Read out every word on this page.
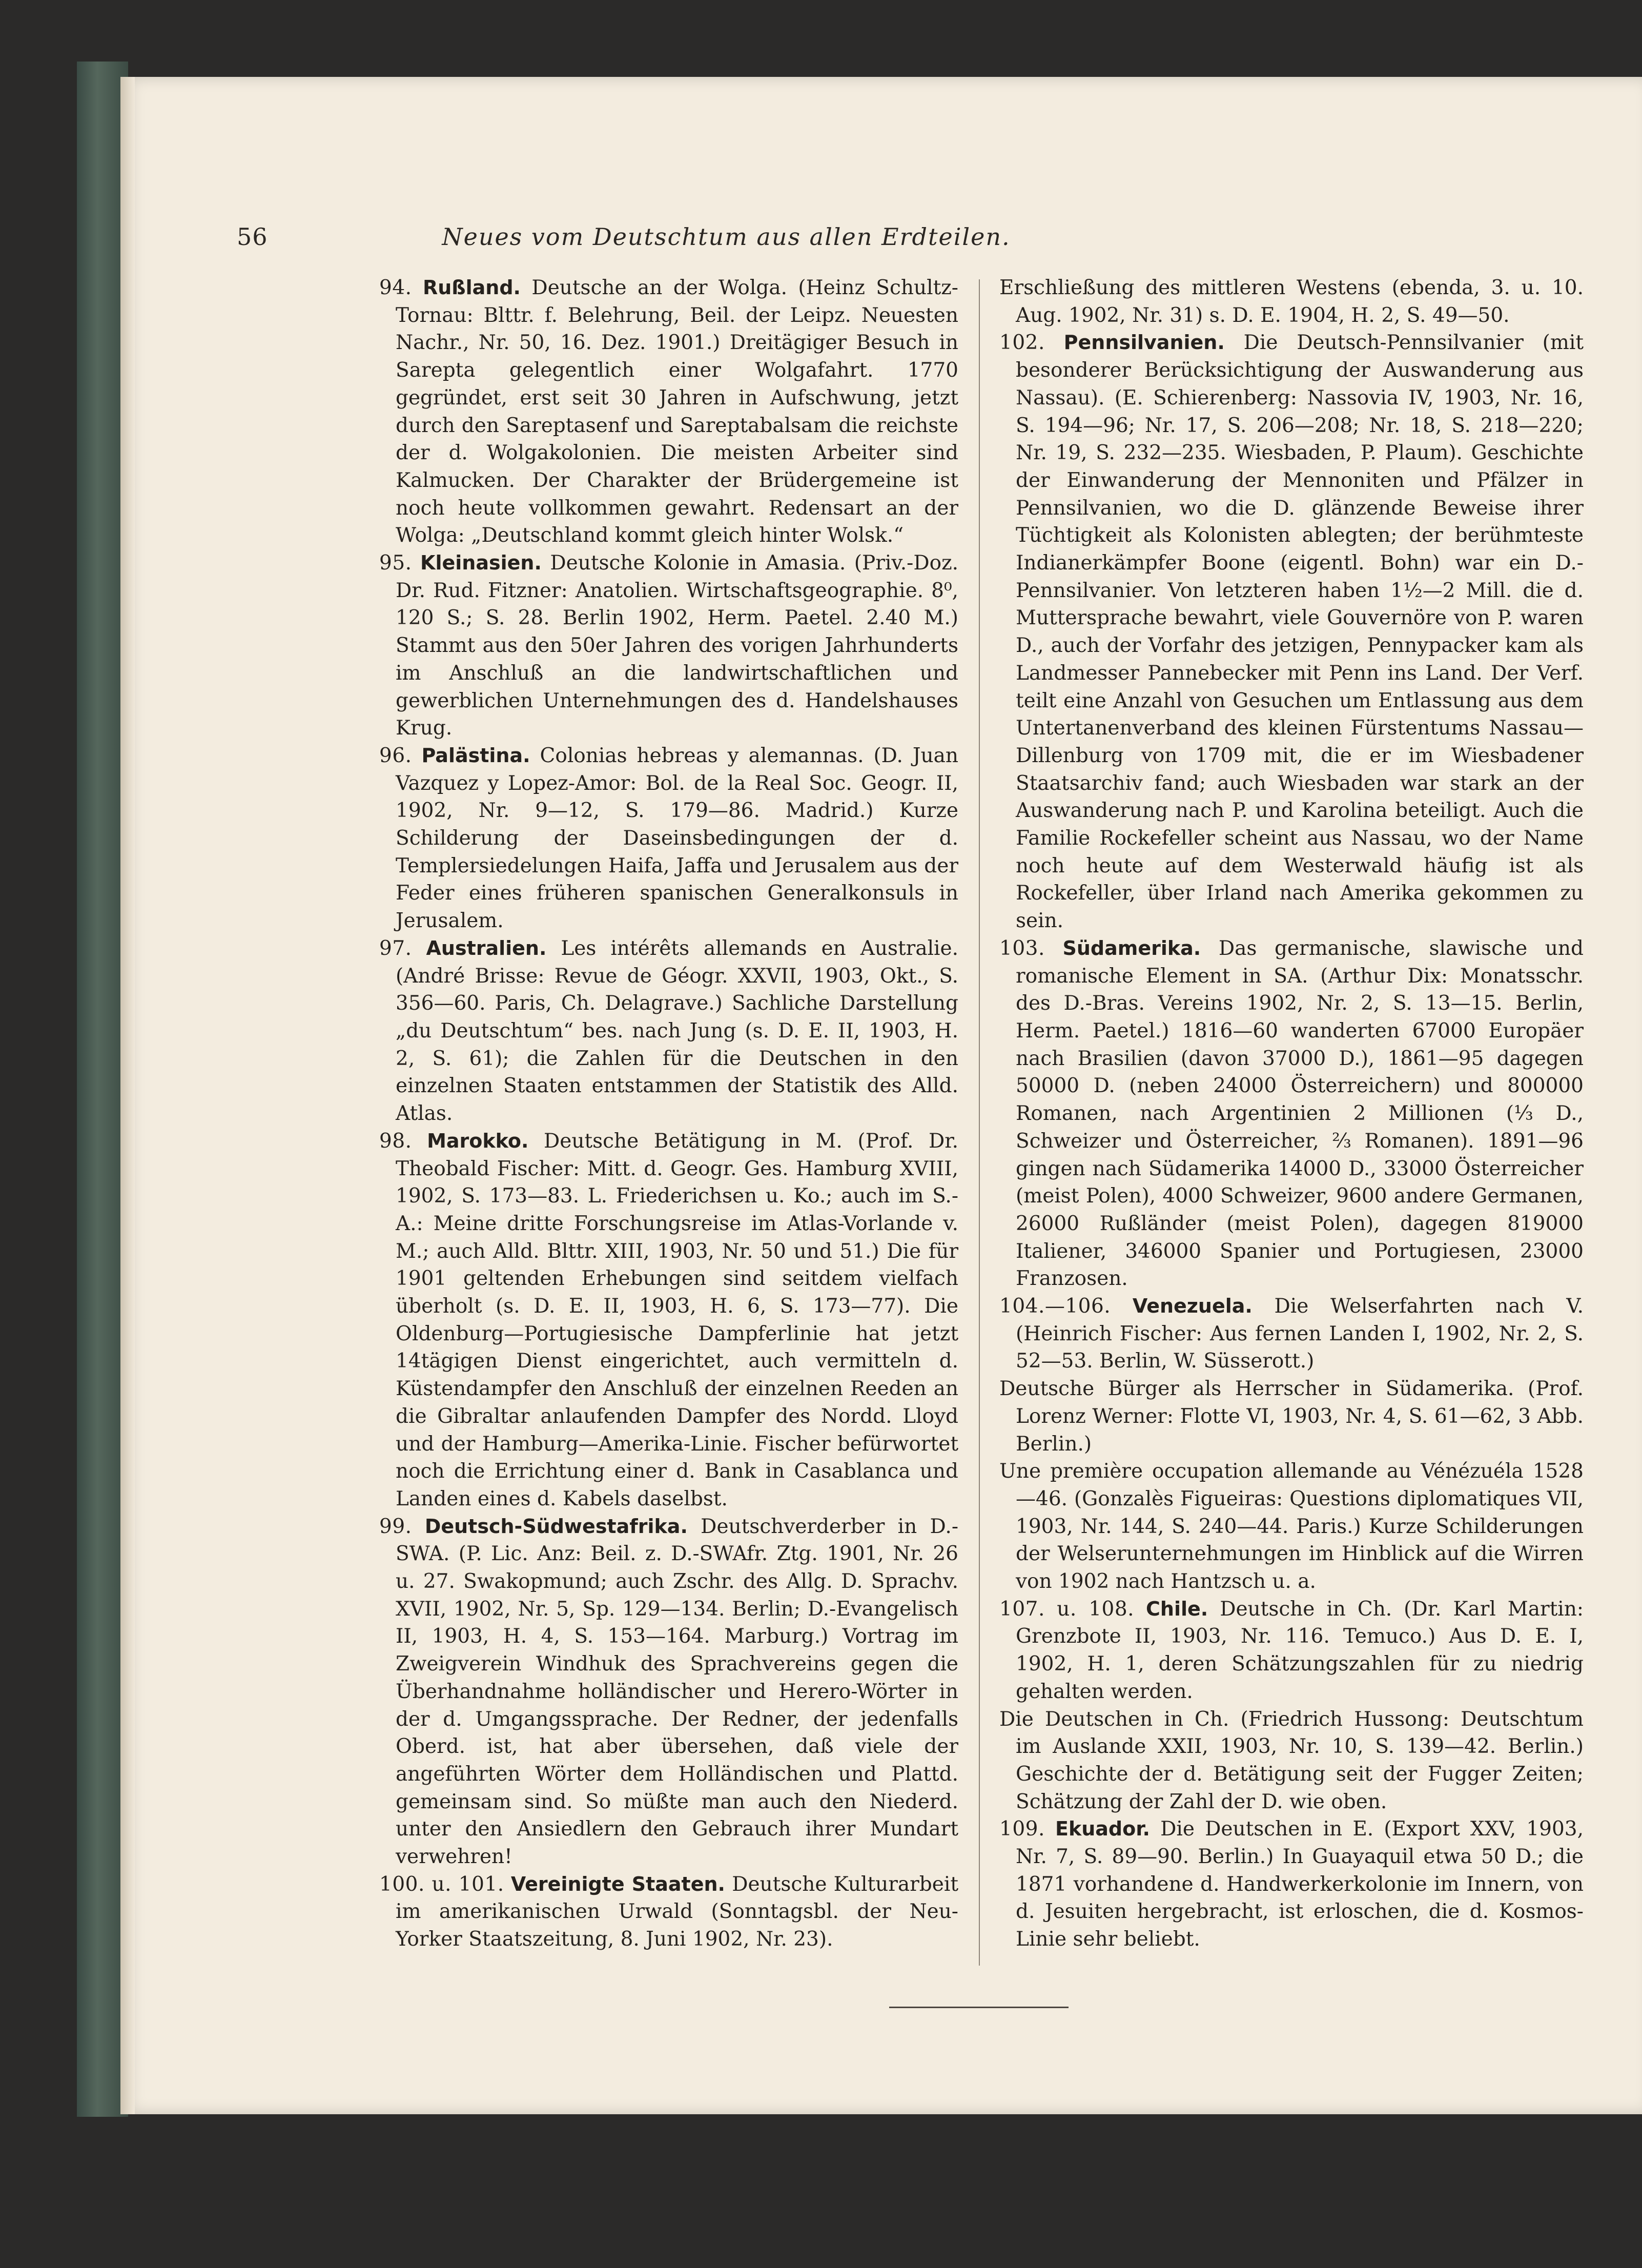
56	Neues vom Deutschtum aus allen Erdteilen.

94. Rußland. Deutsche an der Wolga. (Heinz Schultz-Tornau: Blttr. f. Belehrung, Beil. der Leipz. Neuesten Nachr., Nr. 50, 16. Dez. 1901.) Dreitägiger Besuch in Sarepta gelegentlich einer Wolgafahrt. 1770 gegründet, erst seit 30 Jahren in Aufschwung, jetzt durch den Sareptasenf und Sareptabalsam die reichste der d. Wolgakolonien. Die meisten Arbeiter sind Kalmucken. Der Charakter der Brüdergemeine ist noch heute vollkommen gewahrt. Redensart an der Wolga: „Deutschland kommt gleich hinter Wolsk.“

95. Kleinasien. Deutsche Kolonie in Amasia. (Priv.-Doz. Dr. Rud. Fitzner: Anatolien. Wirtschaftsgeographie. 8⁰, 120 S.; S. 28. Berlin 1902, Herm. Paetel. 2.40 M.) Stammt aus den 50er Jahren des vorigen Jahrhunderts im Anschluß an die landwirtschaftlichen und gewerblichen Unternehmungen des d. Handelshauses Krug.

96. Palästina. Colonias hebreas y alemannas. (D. Juan Vazquez y Lopez-Amor: Bol. de la Real Soc. Geogr. II, 1902, Nr. 9—12, S. 179—86. Madrid.) Kurze Schilderung der Daseinsbedingungen der d. Templersiedelungen Haifa, Jaffa und Jerusalem aus der Feder eines früheren spanischen Generalkonsuls in Jerusalem.

97. Australien. Les intérêts allemands en Australie. (André Brisse: Revue de Géogr. XXVII, 1903, Okt., S. 356—60. Paris, Ch. Delagrave.) Sachliche Darstellung „du Deutschtum“ bes. nach Jung (s. D. E. II, 1903, H. 2, S. 61); die Zahlen für die Deutschen in den einzelnen Staaten entstammen der Statistik des Alld. Atlas.

98. Marokko. Deutsche Betätigung in M. (Prof. Dr. Theobald Fischer: Mitt. d. Geogr. Ges. Hamburg XVIII, 1902, S. 173—83. L. Friederichsen u. Ko.; auch im S.-A.: Meine dritte Forschungsreise im Atlas-Vorlande v. M.; auch Alld. Blttr. XIII, 1903, Nr. 50 und 51.) Die für 1901 geltenden Erhebungen sind seitdem vielfach überholt (s. D. E. II, 1903, H. 6, S. 173—77). Die Oldenburg—Portugiesische Dampferlinie hat jetzt 14tägigen Dienst eingerichtet, auch vermitteln d. Küstendampfer den Anschluß der einzelnen Reeden an die Gibraltar anlaufenden Dampfer des Nordd. Lloyd und der Hamburg—Amerika-Linie. Fischer befürwortet noch die Errichtung einer d. Bank in Casablanca und Landen eines d. Kabels daselbst.

99. Deutsch-Südwestafrika. Deutschverderber in D.-SWA. (P. Lic. Anz: Beil. z. D.-SWAfr. Ztg. 1901, Nr. 26 u. 27. Swakopmund; auch Zschr. des Allg. D. Sprachv. XVII, 1902, Nr. 5, Sp. 129—134. Berlin; D.-Evangelisch II, 1903, H. 4, S. 153—164. Marburg.) Vortrag im Zweigverein Windhuk des Sprachvereins gegen die Überhandnahme holländischer und Herero-Wörter in der d. Umgangssprache. Der Redner, der jedenfalls Oberd. ist, hat aber übersehen, daß viele der angeführten Wörter dem Holländischen und Plattd. gemeinsam sind. So müßte man auch den Niederd. unter den Ansiedlern den Gebrauch ihrer Mundart verwehren!

100. u. 101. Vereinigte Staaten. Deutsche Kulturarbeit im amerikanischen Urwald (Sonntagsbl. der Neu-Yorker Staatszeitung, 8. Juni 1902, Nr. 23).

Erschließung des mittleren Westens (ebenda, 3. u. 10. Aug. 1902, Nr. 31) s. D. E. 1904, H. 2, S. 49—50.

102. Pennsilvanien. Die Deutsch-Pennsilvanier (mit besonderer Berücksichtigung der Auswanderung aus Nassau). (E. Schierenberg: Nassovia IV, 1903, Nr. 16, S. 194—96; Nr. 17, S. 206—208; Nr. 18, S. 218—220; Nr. 19, S. 232—235. Wiesbaden, P. Plaum). Geschichte der Einwanderung der Mennoniten und Pfälzer in Pennsilvanien, wo die D. glänzende Beweise ihrer Tüchtigkeit als Kolonisten ablegten; der berühmteste Indianerkämpfer Boone (eigentl. Bohn) war ein D.-Pennsilvanier. Von letzteren haben 1½—2 Mill. die d. Muttersprache bewahrt, viele Gouvernöre von P. waren D., auch der Vorfahr des jetzigen, Pennypacker kam als Landmesser Pannebecker mit Penn ins Land. Der Verf. teilt eine Anzahl von Gesuchen um Entlassung aus dem Untertanenverband des kleinen Fürstentums Nassau—Dillenburg von 1709 mit, die er im Wiesbadener Staatsarchiv fand; auch Wiesbaden war stark an der Auswanderung nach P. und Karolina beteiligt. Auch die Familie Rockefeller scheint aus Nassau, wo der Name noch heute auf dem Westerwald häufig ist als Rockefeller, über Irland nach Amerika gekommen zu sein.

103. Südamerika. Das germanische, slawische und romanische Element in SA. (Arthur Dix: Monatsschr. des D.-Bras. Vereins 1902, Nr. 2, S. 13—15. Berlin, Herm. Paetel.) 1816—60 wanderten 67000 Europäer nach Brasilien (davon 37000 D.), 1861—95 dagegen 50000 D. (neben 24000 Österreichern) und 800000 Romanen, nach Argentinien 2 Millionen (⅓ D., Schweizer und Österreicher, ⅔ Romanen). 1891—96 gingen nach Südamerika 14000 D., 33000 Österreicher (meist Polen), 4000 Schweizer, 9600 andere Germanen, 26000 Rußländer (meist Polen), dagegen 819000 Italiener, 346000 Spanier und Portugiesen, 23000 Franzosen.

104.—106. Venezuela. Die Welserfahrten nach V. (Heinrich Fischer: Aus fernen Landen I, 1902, Nr. 2, S. 52—53. Berlin, W. Süsserott.)

Deutsche Bürger als Herrscher in Südamerika. (Prof. Lorenz Werner: Flotte VI, 1903, Nr. 4, S. 61—62, 3 Abb. Berlin.)

Une première occupation allemande au Vénézuéla 1528—46. (Gonzalès Figueiras: Questions diplomatiques VII, 1903, Nr. 144, S. 240—44. Paris.) Kurze Schilderungen der Welserunternehmungen im Hinblick auf die Wirren von 1902 nach Hantzsch u. a.

107. u. 108. Chile. Deutsche in Ch. (Dr. Karl Martin: Grenzbote II, 1903, Nr. 116. Temuco.) Aus D. E. I, 1902, H. 1, deren Schätzungszahlen für zu niedrig gehalten werden.

Die Deutschen in Ch. (Friedrich Hussong: Deutschtum im Auslande XXII, 1903, Nr. 10, S. 139—42. Berlin.) Geschichte der d. Betätigung seit der Fugger Zeiten; Schätzung der Zahl der D. wie oben.

109. Ekuador. Die Deutschen in E. (Export XXV, 1903, Nr. 7, S. 89—90. Berlin.) In Guayaquil etwa 50 D.; die 1871 vorhandene d. Handwerkerkolonie im Innern, von d. Jesuiten hergebracht, ist erloschen, die d. Kosmos-Linie sehr beliebt.
